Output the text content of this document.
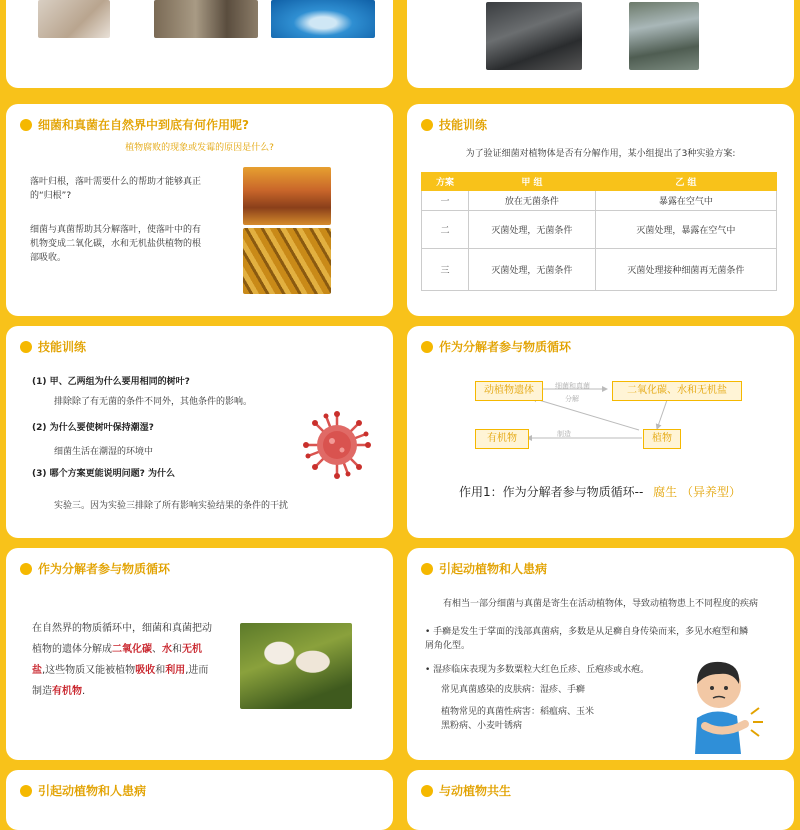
细菌和真菌在自然界中到底有何作用呢?
植物腐败的现象或发霉的原因是什么?
落叶归根，落叶需要什么的帮助才能够真正的“归根”?
细菌与真菌帮助其分解落叶，使落叶中的有机物变成二氧化碳，水和无机盐供植物的根部吸收。
技能训练
为了验证细菌对植物体是否有分解作用，某小组提出了3种实验方案:
方案	甲 组	乙 组
一	放在无菌条件	暴露在空气中
二	灭菌处理，无菌条件	灭菌处理，暴露在空气中
三	灭菌处理，无菌条件	灭菌处理接种细菌再无菌条件
技能训练
(1) 甲、乙两组为什么要用相同的树叶?
排除除了有无菌的条件不同外，其他条件的影响。
(2) 为什么要使树叶保持潮湿?
细菌生活在潮湿的环境中
(3) 哪个方案更能说明问题? 为什么
实验三。因为实验三排除了所有影响实验结果的条件的干扰
作为分解者参与物质循环
动植物遗体	二氧化碳、水和无机盐
有机物	植物
细菌和真菌
分解
制造
作用1：作为分解者参与物质循环-- 腐生 （异养型）
作为分解者参与物质循环
在自然界的物质循环中，细菌和真菌把动植物的遗体分解成二氧化碳、水和无机盐,这些物质又能被植物吸收和利用,进而制造有机物.
引起动植物和人患病
有相当一部分细菌与真菌是寄生在活动植物体，导致动植物患上不同程度的疾病
• 手癣是发生于掌面的浅部真菌病，多数是从足癣自身传染而来，多见水疱型和鳞屑角化型。
• 湿疹临床表现为多数粟粒大红色丘疹、丘疱疹或水疱。
常见真菌感染的皮肤病：湿疹、手癣
植物常见的真菌性病害：稻瘟病、玉米黑粉病、小麦叶锈病
引起动植物和人患病	与动植物共生
